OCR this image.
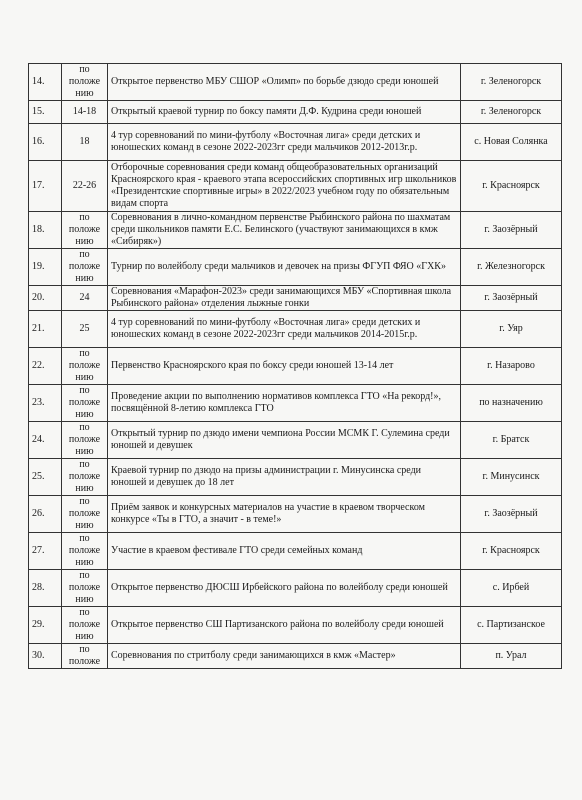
14.	по
положе
нию	Открытое первенство МБУ СШОР «Олимп» по борьбе дзюдо среди юношей	г. Зеленогорск
15.	14-18	Открытый краевой турнир по боксу памяти Д.Ф. Кудрина среди юношей	г. Зеленогорск
16.	18	4 тур соревнований по мини-футболу «Восточная лига» среди детских и юношеских команд в сезоне 2022-2023гг среди мальчиков 2012-2013г.р.	с. Новая Солянка
17.	22-26	Отборочные соревнования среди команд общеобразовательных организаций Красноярского края - краевого этапа всероссийских спортивных игр школьников «Президентские спортивные игры» в 2022/2023 учебном году по обязательным видам спорта	г. Красноярск
18.	по
положе
нию	Соревнования в лично-командном первенстве Рыбинского района по шахматам среди школьников памяти Е.С. Белинского (участвуют занимающихся в кмж «Сибиряк»)	г. Заозёрный
19.	по
положе
нию	Турнир по волейболу среди мальчиков и девочек на призы ФГУП ФЯО «ГХК»	г. Железногорск
20.	24	Соревнования «Марафон-2023» среди занимающихся МБУ «Спортивная школа Рыбинского района» отделения лыжные гонки	г. Заозёрный
21.	25	4 тур соревнований по мини-футболу «Восточная лига» среди детских и юношеских команд в сезоне 2022-2023гг среди мальчиков 2014-2015г.р.	г. Уяр
22.	по
положе
нию	Первенство Красноярского края по боксу среди юношей 13-14 лет	г. Назарово
23.	по
положе
нию	Проведение акции по выполнению нормативов комплекса ГТО «На рекорд!», посвящённой 8-летию комплекса ГТО	по назначению
24.	по
положе
нию	Открытый турнир по дзюдо имени чемпиона России МСМК Г. Сулемина среди юношей и девушек	г. Братск
25.	по
положе
нию	Краевой турнир по дзюдо на призы администрации г. Минусинска среди юношей и девушек до 18 лет	г. Минусинск
26.	по
положе
нию	Приём заявок и конкурсных материалов на участие в краевом творческом конкурсе «Ты в ГТО, а значит - в теме!»	г. Заозёрный
27.	по
положе
нию	Участие в краевом фестивале ГТО среди семейных команд	г. Красноярск
28.	по
положе
нию	Открытое первенство ДЮСШ Ирбейского района по волейболу среди юношей	с. Ирбей
29.	по
положе
нию	Открытое первенство СШ Партизанского района по волейболу среди юношей	с. Партизанское
30.	по
положе	Соревнования по стритболу среди занимающихся в кмж «Мастер»	п. Урал
